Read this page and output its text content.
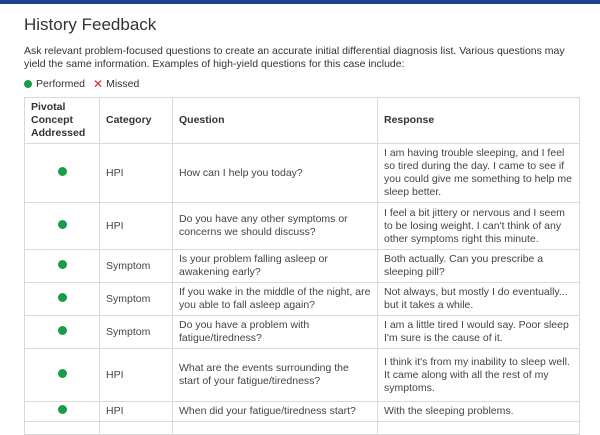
History Feedback

Ask relevant problem-focused questions to create an accurate initial differential diagnosis list. Various questions may yield the same information. Examples of high-yield questions for this case include:

Performed ✕ Missed
Pivotal Concept Addressed	Category	Question	Response
	HPI	How can I help you today?	I am having trouble sleeping, and I feel so tired during the day. I came to see if you could give me something to help me sleep better.
	HPI	Do you have any other symptoms or concerns we should discuss?	I feel a bit jittery or nervous and I seem to be losing weight. I can't think of any other symptoms right this minute.
	Symptom	Is your problem falling asleep or awakening early?	Both actually. Can you prescribe a sleeping pill?
	Symptom	If you wake in the middle of the night, are you able to fall asleep again?	Not always, but mostly I do eventually... but it takes a while.
	Symptom	Do you have a problem with fatigue/tiredness?	I am a little tired I would say. Poor sleep I'm sure is the cause of it.
	HPI	What are the events surrounding the start of your fatigue/tiredness?	I think it's from my inability to sleep well. It came along with all the rest of my symptoms.
	HPI	When did your fatigue/tiredness start?	With the sleeping problems.
